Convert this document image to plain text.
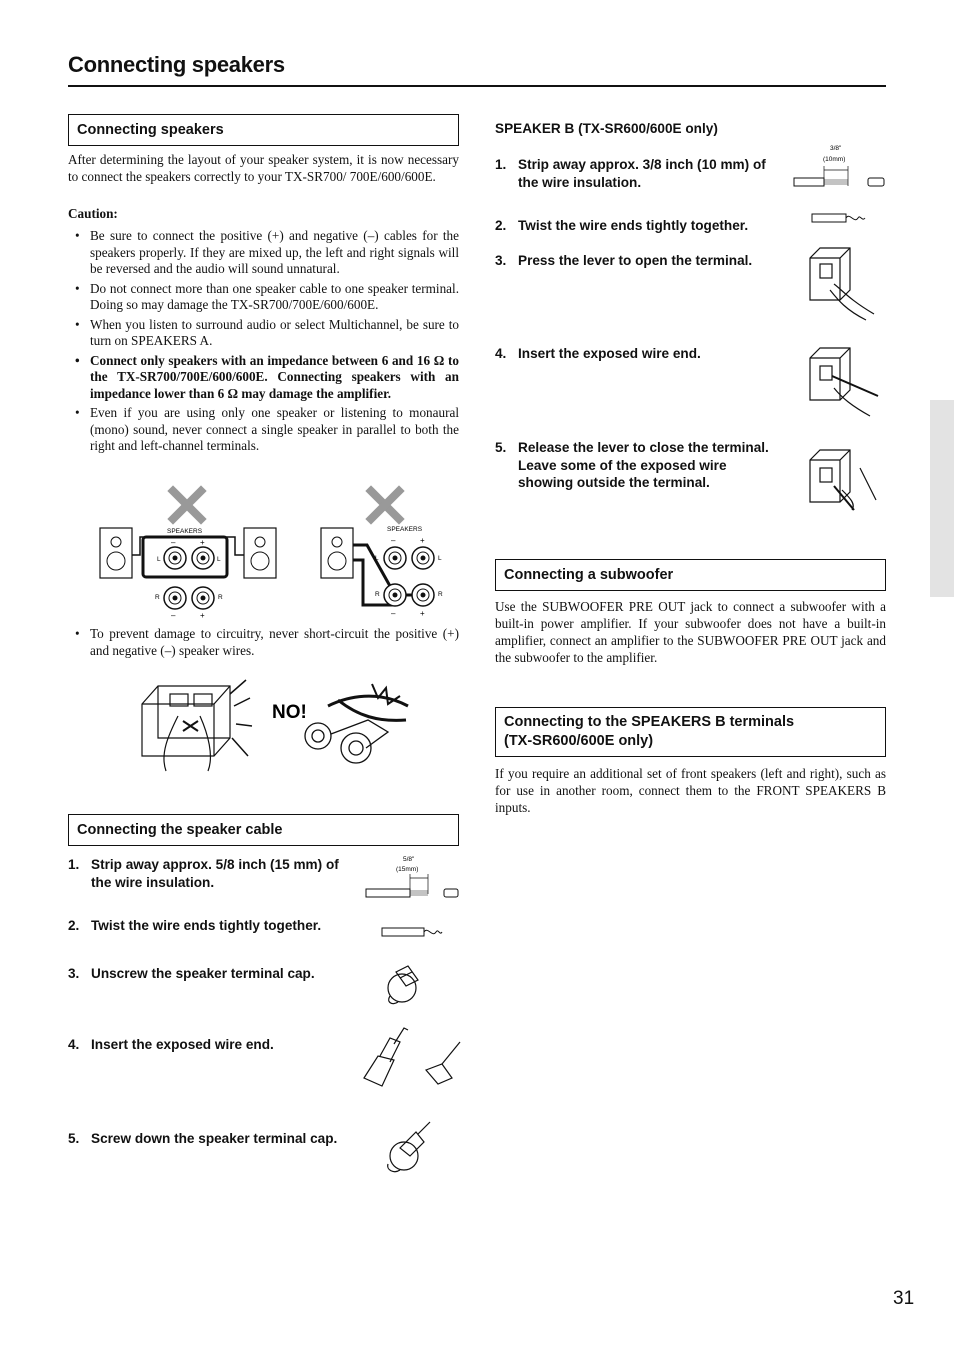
Connecting speakers
31
Connecting speakers
After determining the layout of your speaker system, it is now necessary to connect the speakers correctly to your TX-SR700/ 700E/600/600E.
Caution:
• Be sure to connect the positive (+) and negative (–) cables for the speakers properly. If they are mixed up, the left and right signals will be reversed and the audio will sound unnatural.
• Do not connect more than one speaker cable to one speaker terminal. Doing so may damage the TX-SR700/700E/600/600E.
• When you listen to surround audio or select Multichannel, be sure to turn on SPEAKERS A.
• Connect only speakers with an impedance between 6 and 16 Ω to the TX-SR700/700E/600/600E. Connecting speakers with an impedance lower than 6 Ω may damage the amplifier.
• Even if you are using only one speaker or listening to monaural (mono) sound, never connect a single speaker in parallel to both the right and left-channel terminals.
SPEAKERS
–	+
L	L
R	R
–	+
SPEAKERS
–	+
L	L
R	R
–	+
• To prevent damage to circuitry, never short-circuit the positive (+) and negative (–) speaker wires.
NO!
Connecting the speaker cable
1. Strip away approx. 5/8 inch (15 mm) of the wire insulation.
2. Twist the wire ends tightly together.
3. Unscrew the speaker terminal cap.
4. Insert the exposed wire end.
5. Screw down the speaker terminal cap.
5/8"
(15mm)
SPEAKER B (TX-SR600/600E only)
1. Strip away approx. 3/8 inch (10 mm) of the wire insulation.
2. Twist the wire ends tightly together.
3. Press the lever to open the terminal.
4. Insert the exposed wire end.
5. Release the lever to close the terminal. Leave some of the exposed wire showing outside the terminal.
3/8"
(10mm)
Connecting a subwoofer
Use the SUBWOOFER PRE OUT jack to connect a subwoofer with a built-in power amplifier. If your subwoofer does not have a built-in amplifier, connect an amplifier to the SUBWOOFER PRE OUT jack and the subwoofer to the amplifier.
Connecting to the SPEAKERS B terminals
(TX-SR600/600E only)
If you require an additional set of front speakers (left and right), such as for use in another room, connect them to the FRONT SPEAKERS B inputs.
